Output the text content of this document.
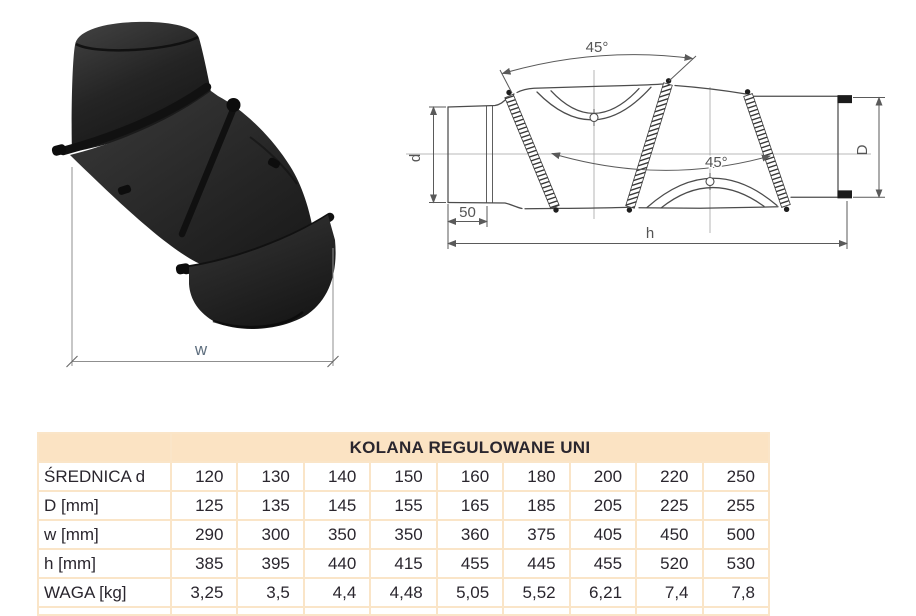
w
45°
45°
d
50
h
D
	KOLANA REGULOWANE UNI								
ŚREDNICA d	120	130	140	150	160	180	200	220	250
D [mm]	125	135	145	155	165	185	205	225	255
w [mm]	290	300	350	350	360	375	405	450	500
h [mm]	385	395	440	415	455	445	455	520	530
WAGA [kg]	3,25	3,5	4,4	4,48	5,05	5,52	6,21	7,4	7,8
